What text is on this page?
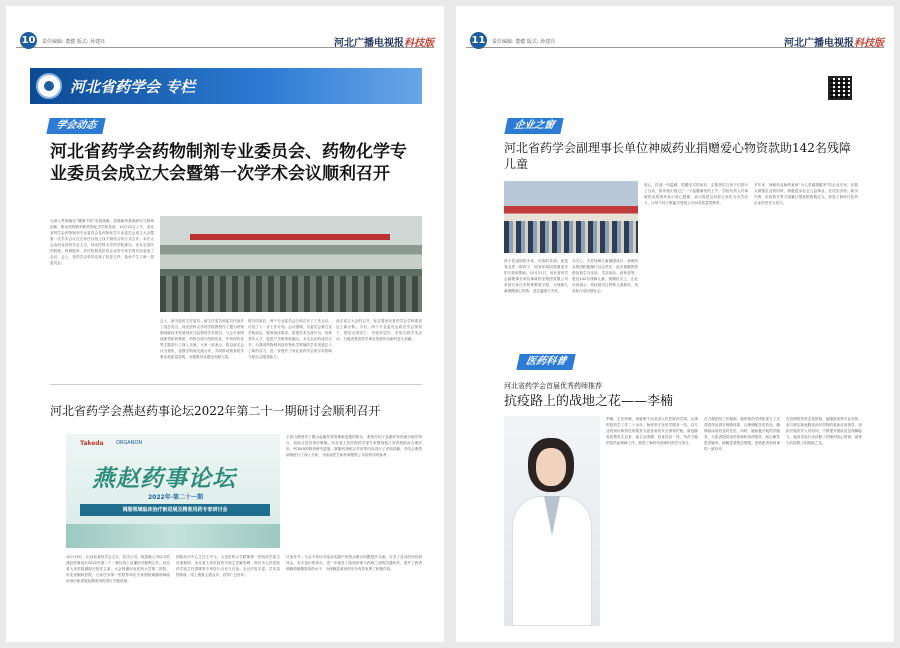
10	责任编辑: 董健 版式: 孙建亮	河北广播电视报科技版
河北省药学会 专栏
学会动态
河北省药学会药物制剂专业委员会、药物化学专业委员会成立大会暨第一次学术会议顺利召开
为深入贯彻落实“健康中国”发展战略，加强新药基础研究与制剂创新，推动药物制剂和药物化学学科发展，10月22日上午，河北省药学会药物制剂专业委员会及药物化学专业委员会成立大会暨第一次学术会议在石家庄以线上线下相结合的方式召开。本次大会由河北省药学会主办，河北医科大学药学院承办。来自全省医药院校、科研院所、医疗机构及医药企业的专家学者共同参加了会议。会上，省药学会领导宣读了批复文件，选举产生了新一届委员会。
会上，新当选的主任委员、副主任委员和委员代表作了表态发言。河北医科大学药学院教授作了题为药物制剂新技术发展现状与趋势的学术报告，与会专家围绕新型给药系统、药物合成与结构优化、中药现代化等主题进行了深入交流。大家一致表示，将以此次会议为契机，加强学科间交流合作，共同推动我省药学事业高质量发展，为健康河北建设贡献力量。
报告结束后，两个专业委员会分别召开了工作会议，讨论了下一步工作计划。会议强调，各委员会要立足学科前沿，服务临床需求，搭建学术交流平台，培养青年人才，促进产学研深度融合。本次会议的成功召开，为我省药物制剂及药物化学领域的学术发展注入了新的活力，进一步提升了河北省药学会的学术影响力和社会服务能力。
此次成立大会的召开，标志着河北省药学会学科建设迈上新台阶。今后，两个专业委员会将在学会领导下，团结全省同仁，开展多层次、多形式的学术活动，为促进我省药学事业发展作出新的更大贡献。
河北省药学会燕赵药事论坛2022年第二十一期研讨会顺利召开
Takeda ORGANON
燕赵药事论坛
2022年·第二十一期
调脂领域临床治疗新进展及精准用药专家研讨会
王洪山教授作了题为血脂异常管理新进展的报告，系统介绍了血脂异常的流行病学特点、危险分层及治疗策略。河北省人民医院药学部专家围绕他汀类药物临床合理应用、PCSK9抑制剂研究进展、降脂药物相互作用等内容进行了详细讲解，并结合典型病例进行了深入分析，为临床医生和药师提供了实用的用药参考。
10月19日，由河北省药学会主办，武田公司、欧加隆公司协办的燕赵药事论坛2022年第二十一期以线上直播形式顺利召开。河北省人民医院副院长担任主席。大会特邀河北医科大学第二医院、河北省胸科医院、石家庄市第一医院等单位专家围绕调脂领域临床治疗新进展及精准用药进行专题讲座。
国际诊疗中心主任王丹飞、大连医科大学附属第一医院药学部主任姜振铎，河北省人民医院药学部主任解雪峰、邢台市人民医院药学部主任梁刚等专家进行点评与讨论。会议内容丰富，学术氛围浓厚，线上观看人数众多，获得广泛好评。
讨论环节，与会专家针对临床实践中的热点难点问题展开交流，分享了各自的经验和体会。本次论坛的举办，进一步促进了临床医师与药师之间的沟通协作，提升了我省调脂领域精准用药水平，为保障患者用药安全有效发挥了积极作用。
11	责任编辑: 董健 版式: 孙建亮	河北广播电视报科技版
企业之窗
河北省药学会副理事长单位神威药业捐赠爱心物资款助142名残障儿童
孩子是祖国的未来，民族的希望。但是有这样一群孩子，因身体原因需要更多的关爱和帮助。10月21日，河北省药学会副理事长单位神威药业集团有限公司来到石家庄市特殊教育学校，为残障儿童捐赠爱心物资，送去温暖与关怀。
为关心、关爱残障儿童健康成长，神威药业集团积极履行社会责任，此次捐赠的物资包括学习用品、生活用品、营养品等，惠及142名残障儿童。捐赠仪式上，企业代表表示，将持续关注特殊儿童群体，用实际行动回馈社会。
爱心，传递一份温暖。捐赠仪式结束后，志愿者们与孩子们进行了互动，陪伴他们度过了一个温馨愉快的上午。学校负责人对神威药业的善举表示衷心感谢，表示将把这份爱心转化为办学动力，让每个孩子都能享受到公平而有质量的教育。
多年来，神威药业始终秉承“为人类健康服务”的企业宗旨，在做大做强企业的同时，积极投身社会公益事业，在扶贫济困、助学兴教、抗疫救灾等方面累计捐款捐物数亿元，彰显了新时代医药企业的责任与担当。
医药科普
河北省药学会首届优秀药师推荐
抗疫路上的战地之花——李楠
李楠，主任药师，现就职于河北省人民医院药学部。从事医院药学工作二十余年，始终坚守在药学服务一线，以专业的知识和热忱的服务为患者用药安全保驾护航。新冠肺炎疫情发生以来，她主动请缨，投身抗疫一线，负责方舱医院药品保障工作，展现了新时代药师的责任与担当。
在方舱医院工作期间，她带领药学团队建立了完善的药品供应保障体系，合理调配各类药品，确保临床用药及时充足。同时，她积极开展药学服务，为患者提供用药咨询和用药指导，耐心解答患者疑问，缓解患者焦虑情绪，受到患者和同事的一致好评。
在疫情防控常态化阶段，她继续发挥专业优势，参与制定新冠肺炎治疗药物的临床应用指导，组织开展药学人员培训，不断提升团队应急保障能力。她用实际行动诠释了药师的初心使命，被誉为抗疫路上的战地之花。
